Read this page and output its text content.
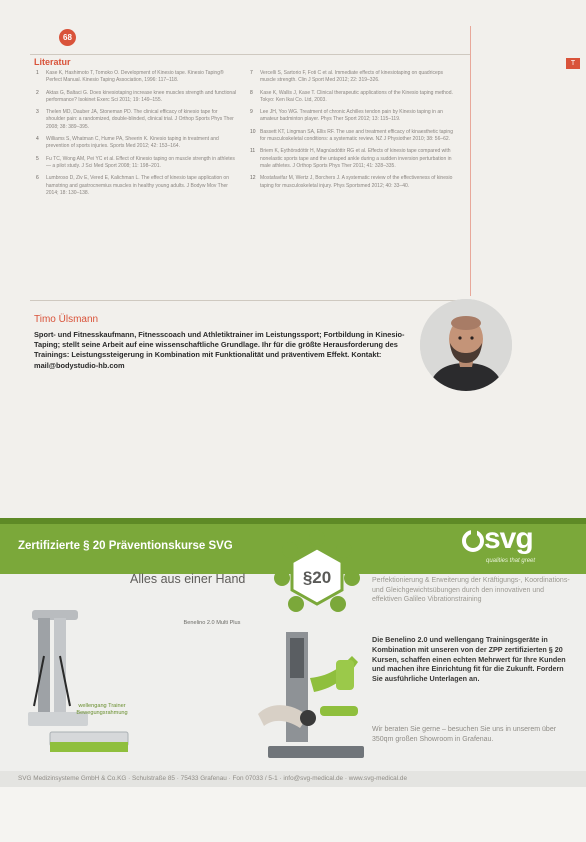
68
T
Literatur
1	Kase K, Hashimoto T, Tomoko O. Development of Kinesio tape. Kinesio Taping® Perfect Manual. Kinesio Taping Association, 1996: 117–118.
2	Aktas G, Baltaci G. Does kinesiotaping increase knee muscles strength and functional performance? Isokinet Exerc Sci 2011; 19: 149–155.
3	Thelen MD, Dauber JA, Stoneman PD. The clinical efficacy of kinesio tape for shoulder pain: a randomized, double-blinded, clinical trial. J Orthop Sports Phys Ther 2008; 38: 389–395.
4	Williams S, Whatman C, Hume PA, Sheerin K. Kinesio taping in treatment and prevention of sports injuries. Sports Med 2012; 42: 153–164.
5	Fu TC, Wong AM, Pei YC et al. Effect of Kinesio taping on muscle strength in athletes — a pilot study. J Sci Med Sport 2008; 11: 198–201.
6	Lumbroso D, Ziv E, Vered E, Kalichman L. The effect of kinesio tape application on hamstring and gastrocnemius muscles in healthy young adults. J Bodyw Mov Ther 2014; 18: 130–138.
7	Vercelli S, Sartorio F, Foti C et al. Immediate effects of kinesiotaping on quadriceps muscle strength. Clin J Sport Med 2012; 22: 319–326.
8	Kase K, Wallis J, Kase T. Clinical therapeutic applications of the Kinesio taping method. Tokyo: Ken Ikai Co. Ltd, 2003.
9	Lee JH, Yoo WG. Treatment of chronic Achilles tendon pain by Kinesio taping in an amateur badminton player. Phys Ther Sport 2012; 13: 115–119.
10 Bassett KT, Lingman SA, Ellis RF. The use and treatment efficacy of kinaesthetic taping for musculoskeletal conditions: a systematic review. NZ J Physiother 2010; 38: 56–62.
11 Briem K, Eythörsdöttir H, Magnúsdóttir RG et al. Effects of kinesio tape compared with nonelastic sports tape and the untaped ankle during a sudden inversion perturbation in male athletes. J Orthop Sports Phys Ther 2011; 41: 328–335.
12 Mostafavifar M, Wertz J, Borchers J. A systematic review of the effectiveness of kinesio taping for musculoskeletal injury. Phys Sportsmed 2012; 40: 33–40.
Timo Ülsmann
Sport- und Fitnesskaufmann, Fitnesscoach und Athletiktrainer im Leistungssport; Fortbildung in Kinesio-Taping; stellt seine Arbeit auf eine wissenschaftliche Grundlage. Ihr für die größte Herausforderung des Trainings: Leistungssteigerung in Kombination mit Funktionalität und präventivem Effekt. Kontakt: mail@bodystudio-hb.com
Zertifizierte § 20 Präventionskurse SVG	svg
qualities that greet
§20
Alles aus einer Hand
wellengang Trainer Bewegungsrahmung
Benelino 2.0 Multi Plus
Perfektionierung & Erweiterung der Kräftigungs-, Koordinations- und Gleichgewichtsübungen durch den innovativen und effektiven Galileo Vibrationstraining
Die Benelino 2.0 und wellengang Trainingsgeräte in Kombination mit unseren von der ZPP zertifizierten § 20 Kursen, schaffen einen echten Mehrwert für Ihre Kunden und machen ihre Einrichtung fit für die Zukunft. Fordern Sie ausführliche Unterlagen an.
Wir beraten Sie gerne – besuchen Sie uns in unserem über 350qm großen Showroom in Grafenau.
SVG Medizinsysteme GmbH & Co.KG · Schulstraße 85 · 75433 Grafenau · Fon 07033 / 5-1 · info@svg-medical.de · www.svg-medical.de
